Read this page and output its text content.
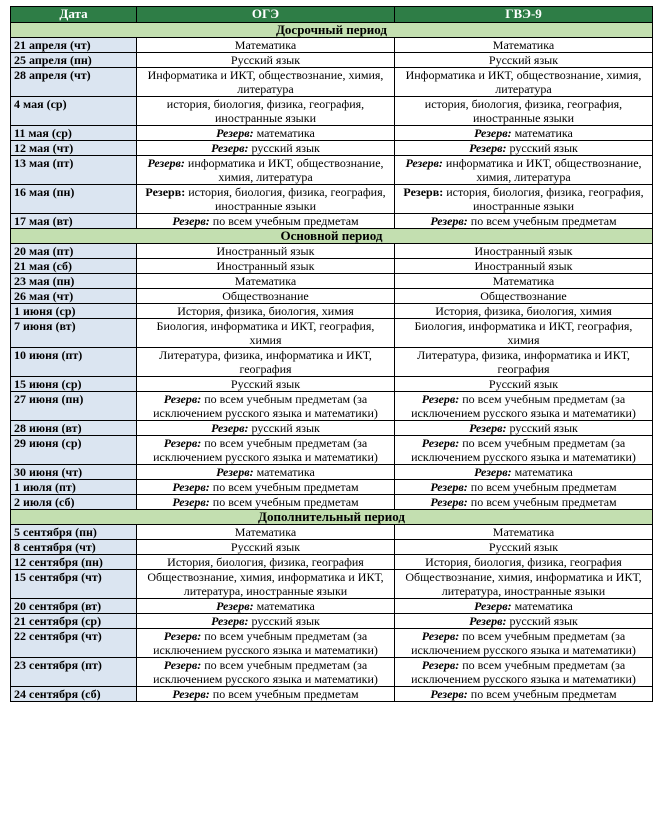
Дата	ОГЭ	ГВЭ-9
Досрочный период		
21 апреля (чт)	Математика	Математика
25 апреля (пн)	Русский язык	Русский язык
28 апреля (чт)	Информатика и ИКТ, обществознание, химия, литература	Информатика и ИКТ, обществознание, химия, литература
4 мая (ср)	история, биология, физика, география, иностранные языки	история, биология, физика, география, иностранные языки
11 мая (ср)	Резерв: математика	Резерв: математика
12 мая (чт)	Резерв: русский язык	Резерв: русский язык
13 мая (пт)	Резерв: информатика и ИКТ, обществознание, химия, литература	Резерв: информатика и ИКТ, обществознание, химия, литература
16 мая (пн)	Резерв: история, биология, физика, география, иностранные языки	Резерв: история, биология, физика, география, иностранные языки
17 мая (вт)	Резерв: по всем учебным предметам	Резерв: по всем учебным предметам
Основной период		
20 мая (пт)	Иностранный язык	Иностранный язык
21 мая (сб)	Иностранный язык	Иностранный язык
23 мая (пн)	Математика	Математика
26 мая (чт)	Обществознание	Обществознание
1 июня (ср)	История, физика, биология, химия	История, физика, биология, химия
7 июня (вт)	Биология, информатика и ИКТ, география, химия	Биология, информатика и ИКТ, география, химия
10 июня (пт)	Литература, физика, информатика и ИКТ, география	Литература, физика, информатика и ИКТ, география
15 июня (ср)	Русский язык	Русский язык
27 июня (пн)	Резерв: по всем учебным предметам (за исключением русского языка и математики)	Резерв: по всем учебным предметам (за исключением русского языка и математики)
28 июня (вт)	Резерв: русский язык	Резерв: русский язык
29 июня (ср)	Резерв: по всем учебным предметам (за исключением русского языка и математики)	Резерв: по всем учебным предметам (за исключением русского языка и математики)
30 июня (чт)	Резерв: математика	Резерв: математика
1 июля (пт)	Резерв: по всем учебным предметам	Резерв: по всем учебным предметам
2 июля (сб)	Резерв: по всем учебным предметам	Резерв: по всем учебным предметам
Дополнительный период		
5 сентября (пн)	Математика	Математика
8 сентября (чт)	Русский язык	Русский язык
12 сентября (пн)	История, биология, физика, география	История, биология, физика, география
15 сентября (чт)	Обществознание, химия, информатика и ИКТ, литература, иностранные языки	Обществознание, химия, информатика и ИКТ, литература, иностранные языки
20 сентября (вт)	Резерв: математика	Резерв: математика
21 сентября (ср)	Резерв: русский язык	Резерв: русский язык
22 сентября (чт)	Резерв: по всем учебным предметам (за исключением русского языка и математики)	Резерв: по всем учебным предметам (за исключением русского языка и математики)
23 сентября (пт)	Резерв: по всем учебным предметам (за исключением русского языка и математики)	Резерв: по всем учебным предметам (за исключением русского языка и математики)
24 сентября (сб)	Резерв: по всем учебным предметам	Резерв: по всем учебным предметам
